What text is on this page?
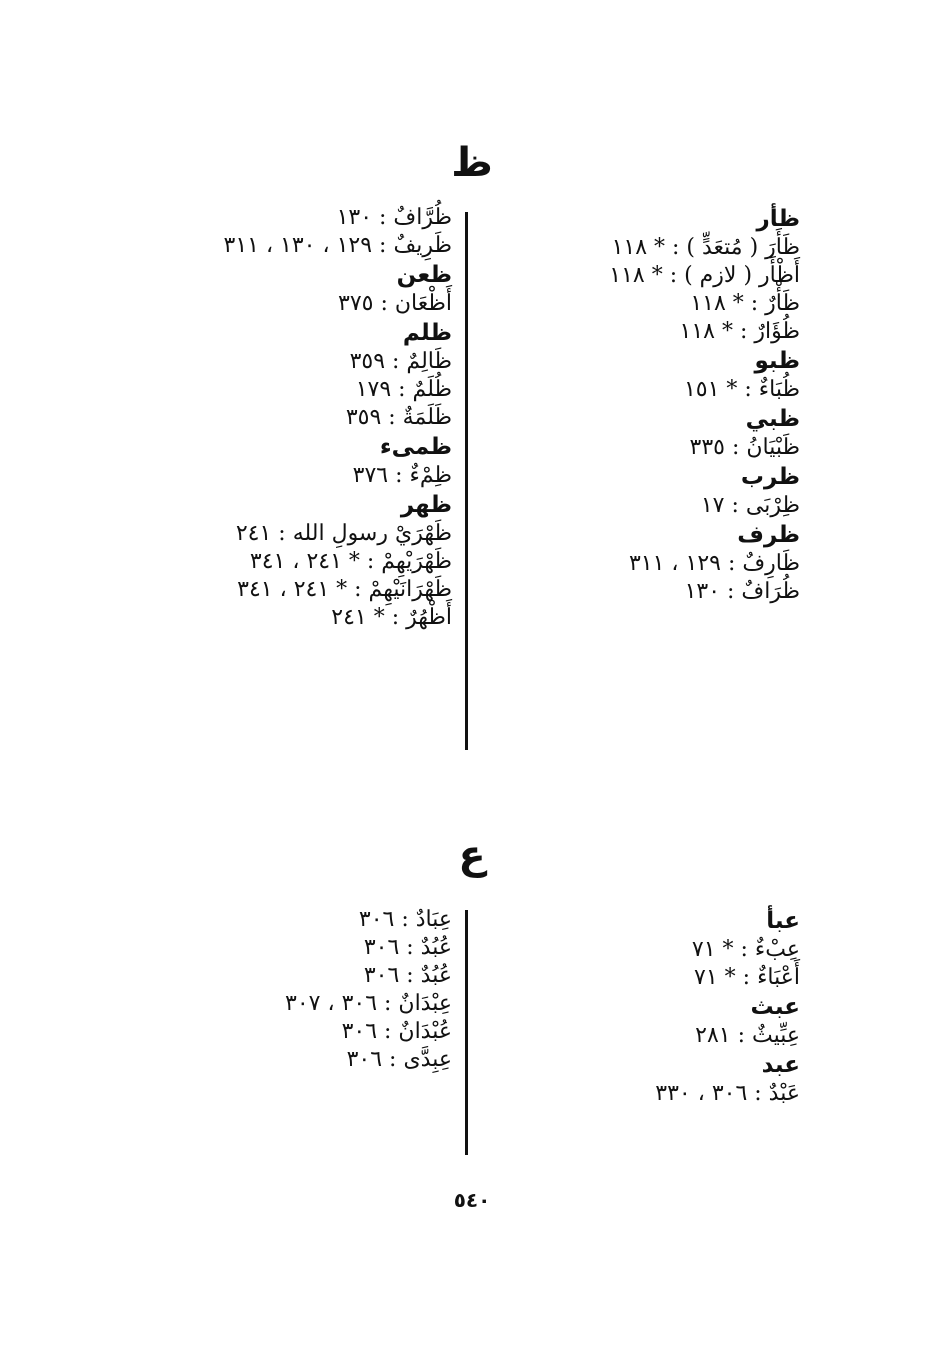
ظ
ظأر
ظَأَرَ ( مُتعَدٍّ ) : * ١١٨
أَظْأَر ( لازم ) : * ١١٨
ظَأْرٌ : * ١١٨
ظُؤَارٌ : * ١١٨
ظبو
ظُبَاءٌ : * ١٥١
ظبي
ظَبْيَانُ : ٣٣٥
ظرب
ظِرْبَى : ١٧
ظرف
ظَارِفٌ : ١٢٩ ، ٣١١
ظُرَافٌ : ١٣٠
ظُرَّافٌ : ١٣٠
ظَرِيفٌ : ١٢٩ ، ١٣٠ ، ٣١١
ظعن
أَظْعَان : ٣٧٥
ظلم
ظَالِمٌ : ٣٥٩
ظُلَمٌ : ١٧٩
ظَلَمَةٌ : ٣٥٩
ظمىء
ظِمْءٌ : ٣٧٦
ظهر
ظَهْرَيْ رسولِ الله : ٢٤١
ظَهْرَيْهِمْ : * ٢٤١ ، ٣٤١
ظَهْرَانَيْهِمْ : * ٢٤١ ، ٣٤١
أَظْهُرٌ : * ٢٤١
ع
عبأ
عِبْءٌ : * ٧١
أَعْبَاءٌ : * ٧١
عبث
عِبِّيثٌ : ٢٨١
عبد
عَبْدٌ : ٣٠٦ ، ٣٣٠
عِبَادٌ : ٣٠٦
عُبُدٌ : ٣٠٦
عُبُدٌ : ٣٠٦
عِبْدَانٌ : ٣٠٦ ، ٣٠٧
عُبْدَانٌ : ٣٠٦
عِبِدَّى : ٣٠٦
٥٤٠
